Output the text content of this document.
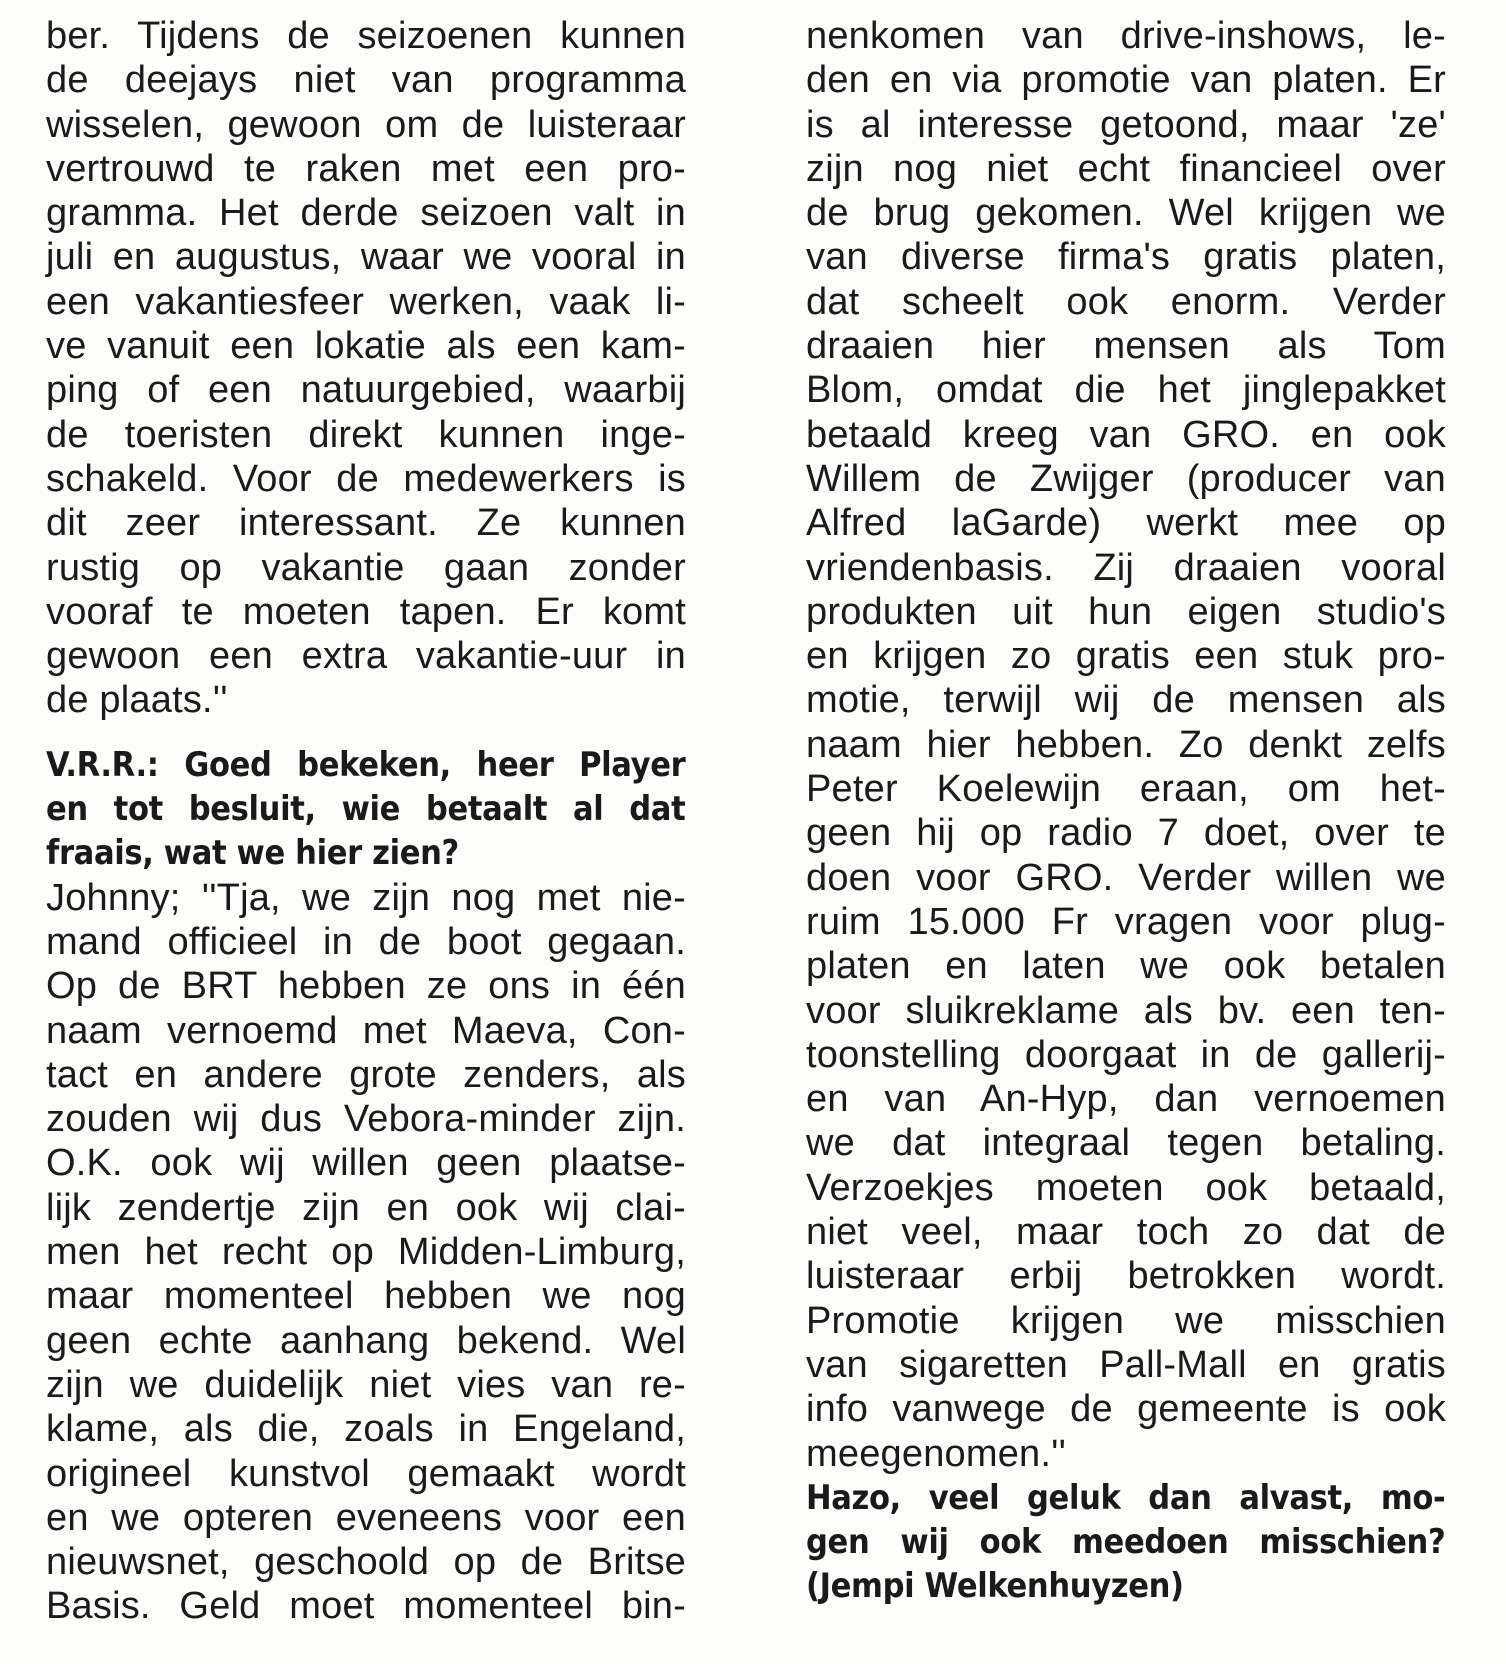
ber. Tijdens de seizoenen kunnen
de deejays niet van programma
wisselen, gewoon om de luisteraar
vertrouwd te raken met een pro-
gramma. Het derde seizoen valt in
juli en augustus, waar we vooral in
een vakantiesfeer werken, vaak li-
ve vanuit een lokatie als een kam-
ping of een natuurgebied, waarbij
de toeristen direkt kunnen inge-
schakeld. Voor de medewerkers is
dit zeer interessant. Ze kunnen
rustig op vakantie gaan zonder
vooraf te moeten tapen. Er komt
gewoon een extra vakantie-uur in
de plaats.''
V.R.R.: Goed bekeken, heer Player
en tot besluit, wie betaalt al dat
fraais, wat we hier zien?
Johnny; ''Tja, we zijn nog met nie-
mand officieel in de boot gegaan.
Op de BRT hebben ze ons in één
naam vernoemd met Maeva, Con-
tact en andere grote zenders, als
zouden wij dus Vebora-minder zijn.
O.K. ook wij willen geen plaatse-
lijk zendertje zijn en ook wij clai-
men het recht op Midden-Limburg,
maar momenteel hebben we nog
geen echte aanhang bekend. Wel
zijn we duidelijk niet vies van re-
klame, als die, zoals in Engeland,
origineel kunstvol gemaakt wordt
en we opteren eveneens voor een
nieuwsnet, geschoold op de Britse
Basis. Geld moet momenteel bin-
nenkomen van drive-inshows, le-
den en via promotie van platen. Er
is al interesse getoond, maar 'ze'
zijn nog niet echt financieel over
de brug gekomen. Wel krijgen we
van diverse firma's gratis platen,
dat scheelt ook enorm. Verder
draaien hier mensen als Tom
Blom, omdat die het jinglepakket
betaald kreeg van GRO. en ook
Willem de Zwijger (producer van
Alfred laGarde) werkt mee op
vriendenbasis. Zij draaien vooral
produkten uit hun eigen studio's
en krijgen zo gratis een stuk pro-
motie, terwijl wij de mensen als
naam hier hebben. Zo denkt zelfs
Peter Koelewijn eraan, om het-
geen hij op radio 7 doet, over te
doen voor GRO. Verder willen we
ruim 15.000 Fr vragen voor plug-
platen en laten we ook betalen
voor sluikreklame als bv. een ten-
toonstelling doorgaat in de gallerij-
en van An-Hyp, dan vernoemen
we dat integraal tegen betaling.
Verzoekjes moeten ook betaald,
niet veel, maar toch zo dat de
luisteraar erbij betrokken wordt.
Promotie krijgen we misschien
van sigaretten Pall-Mall en gratis
info vanwege de gemeente is ook
meegenomen.''
Hazo, veel geluk dan alvast, mo-
gen wij ook meedoen misschien?
(Jempi Welkenhuyzen)
